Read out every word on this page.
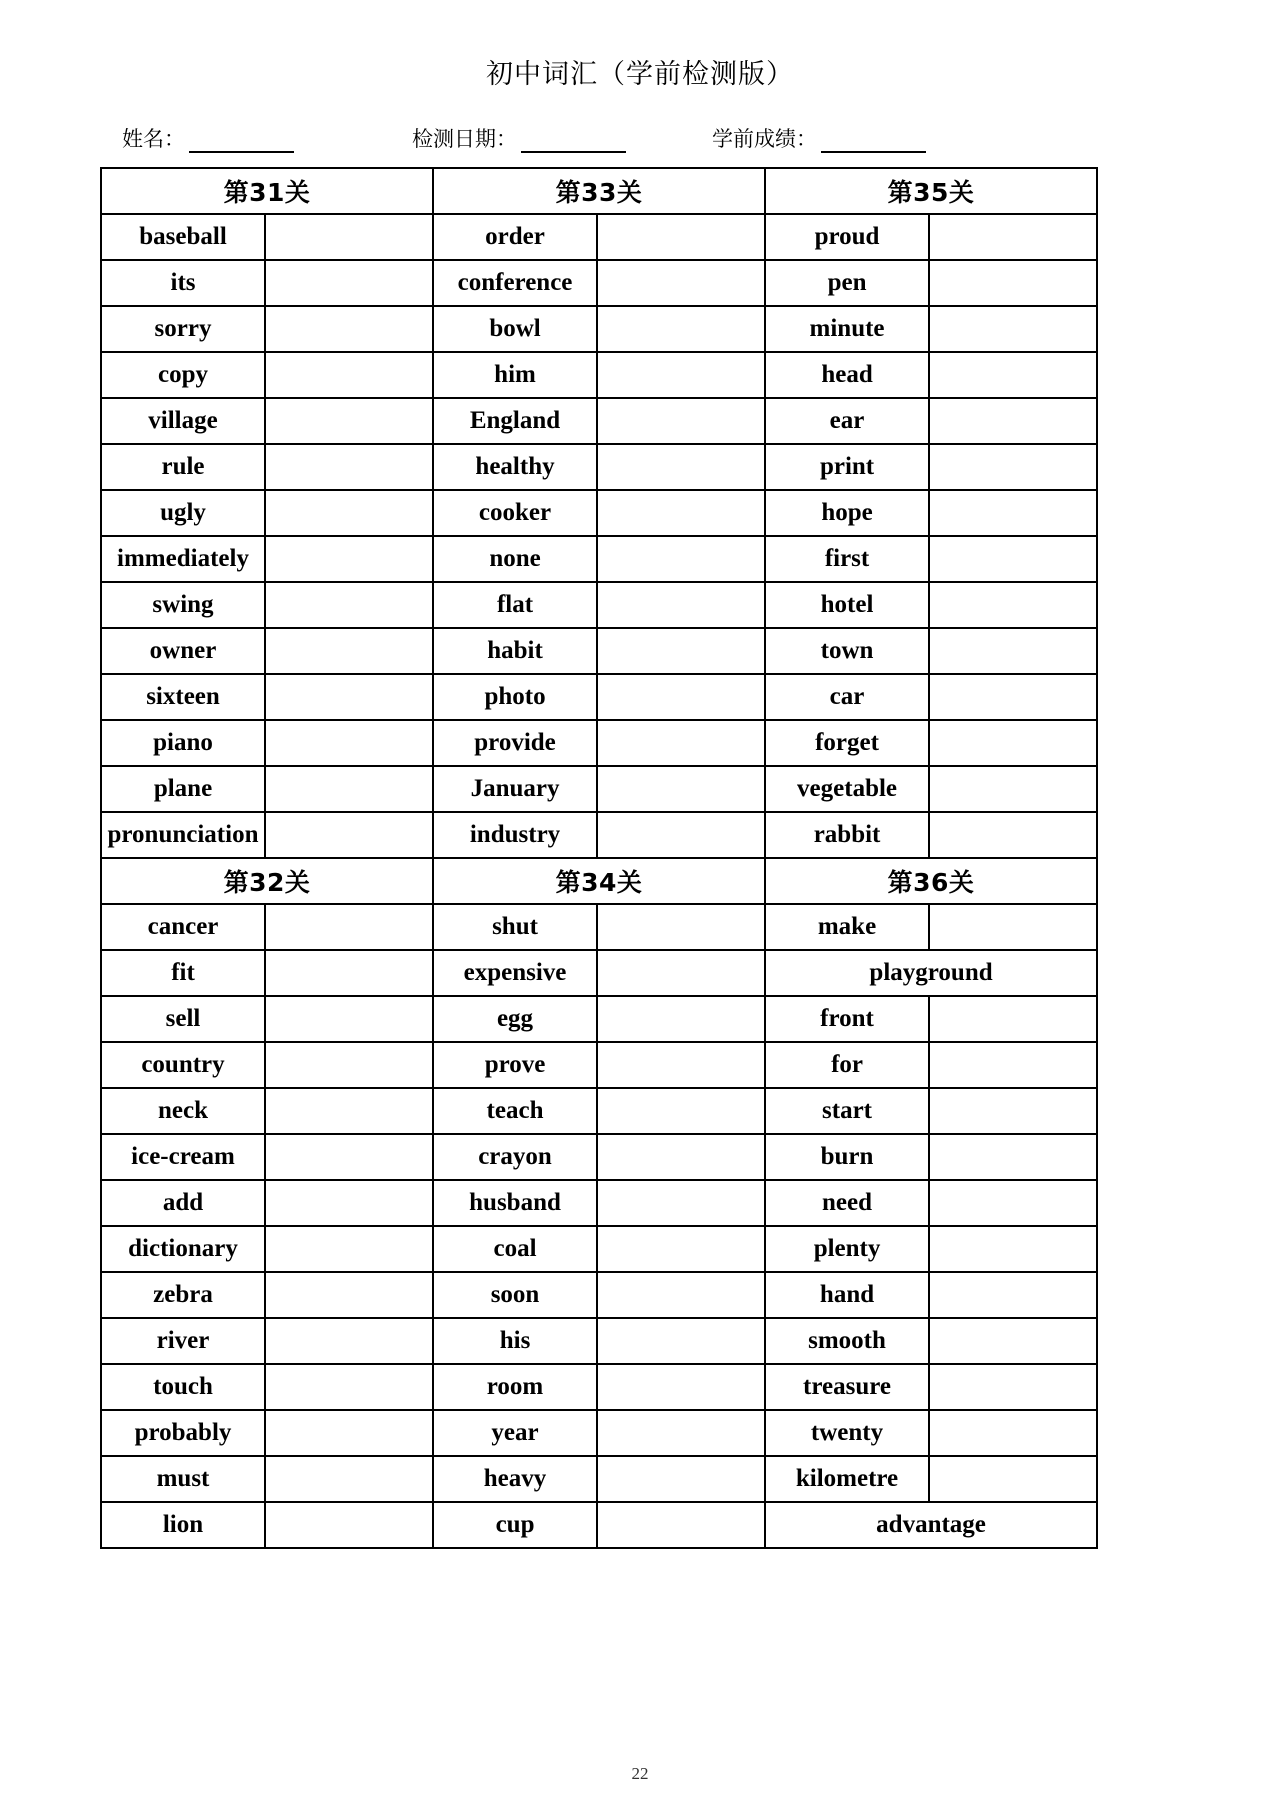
初中词汇（学前检测版）
姓名：	检测日期：	学前成绩：
第31关		第33关		第35关	
baseball		order		proud	
its		conference		pen	
sorry		bowl		minute	
copy		him		head	
village		England		ear	
rule		healthy		print	
ugly		cooker		hope	
immediately		none		first	
swing		flat		hotel	
owner		habit		town	
sixteen		photo		car	
piano		provide		forget	
plane		January		vegetable	
pronunciation		industry		rabbit	
第32关		第34关		第36关	
cancer		shut		make	
fit		expensive		playground	
sell		egg		front	
country		prove		for	
neck		teach		start	
ice-cream		crayon		burn	
add		husband		need	
dictionary		coal		plenty	
zebra		soon		hand	
river		his		smooth	
touch		room		treasure	
probably		year		twenty	
must		heavy		kilometre	
lion		cup		advantage	
22
